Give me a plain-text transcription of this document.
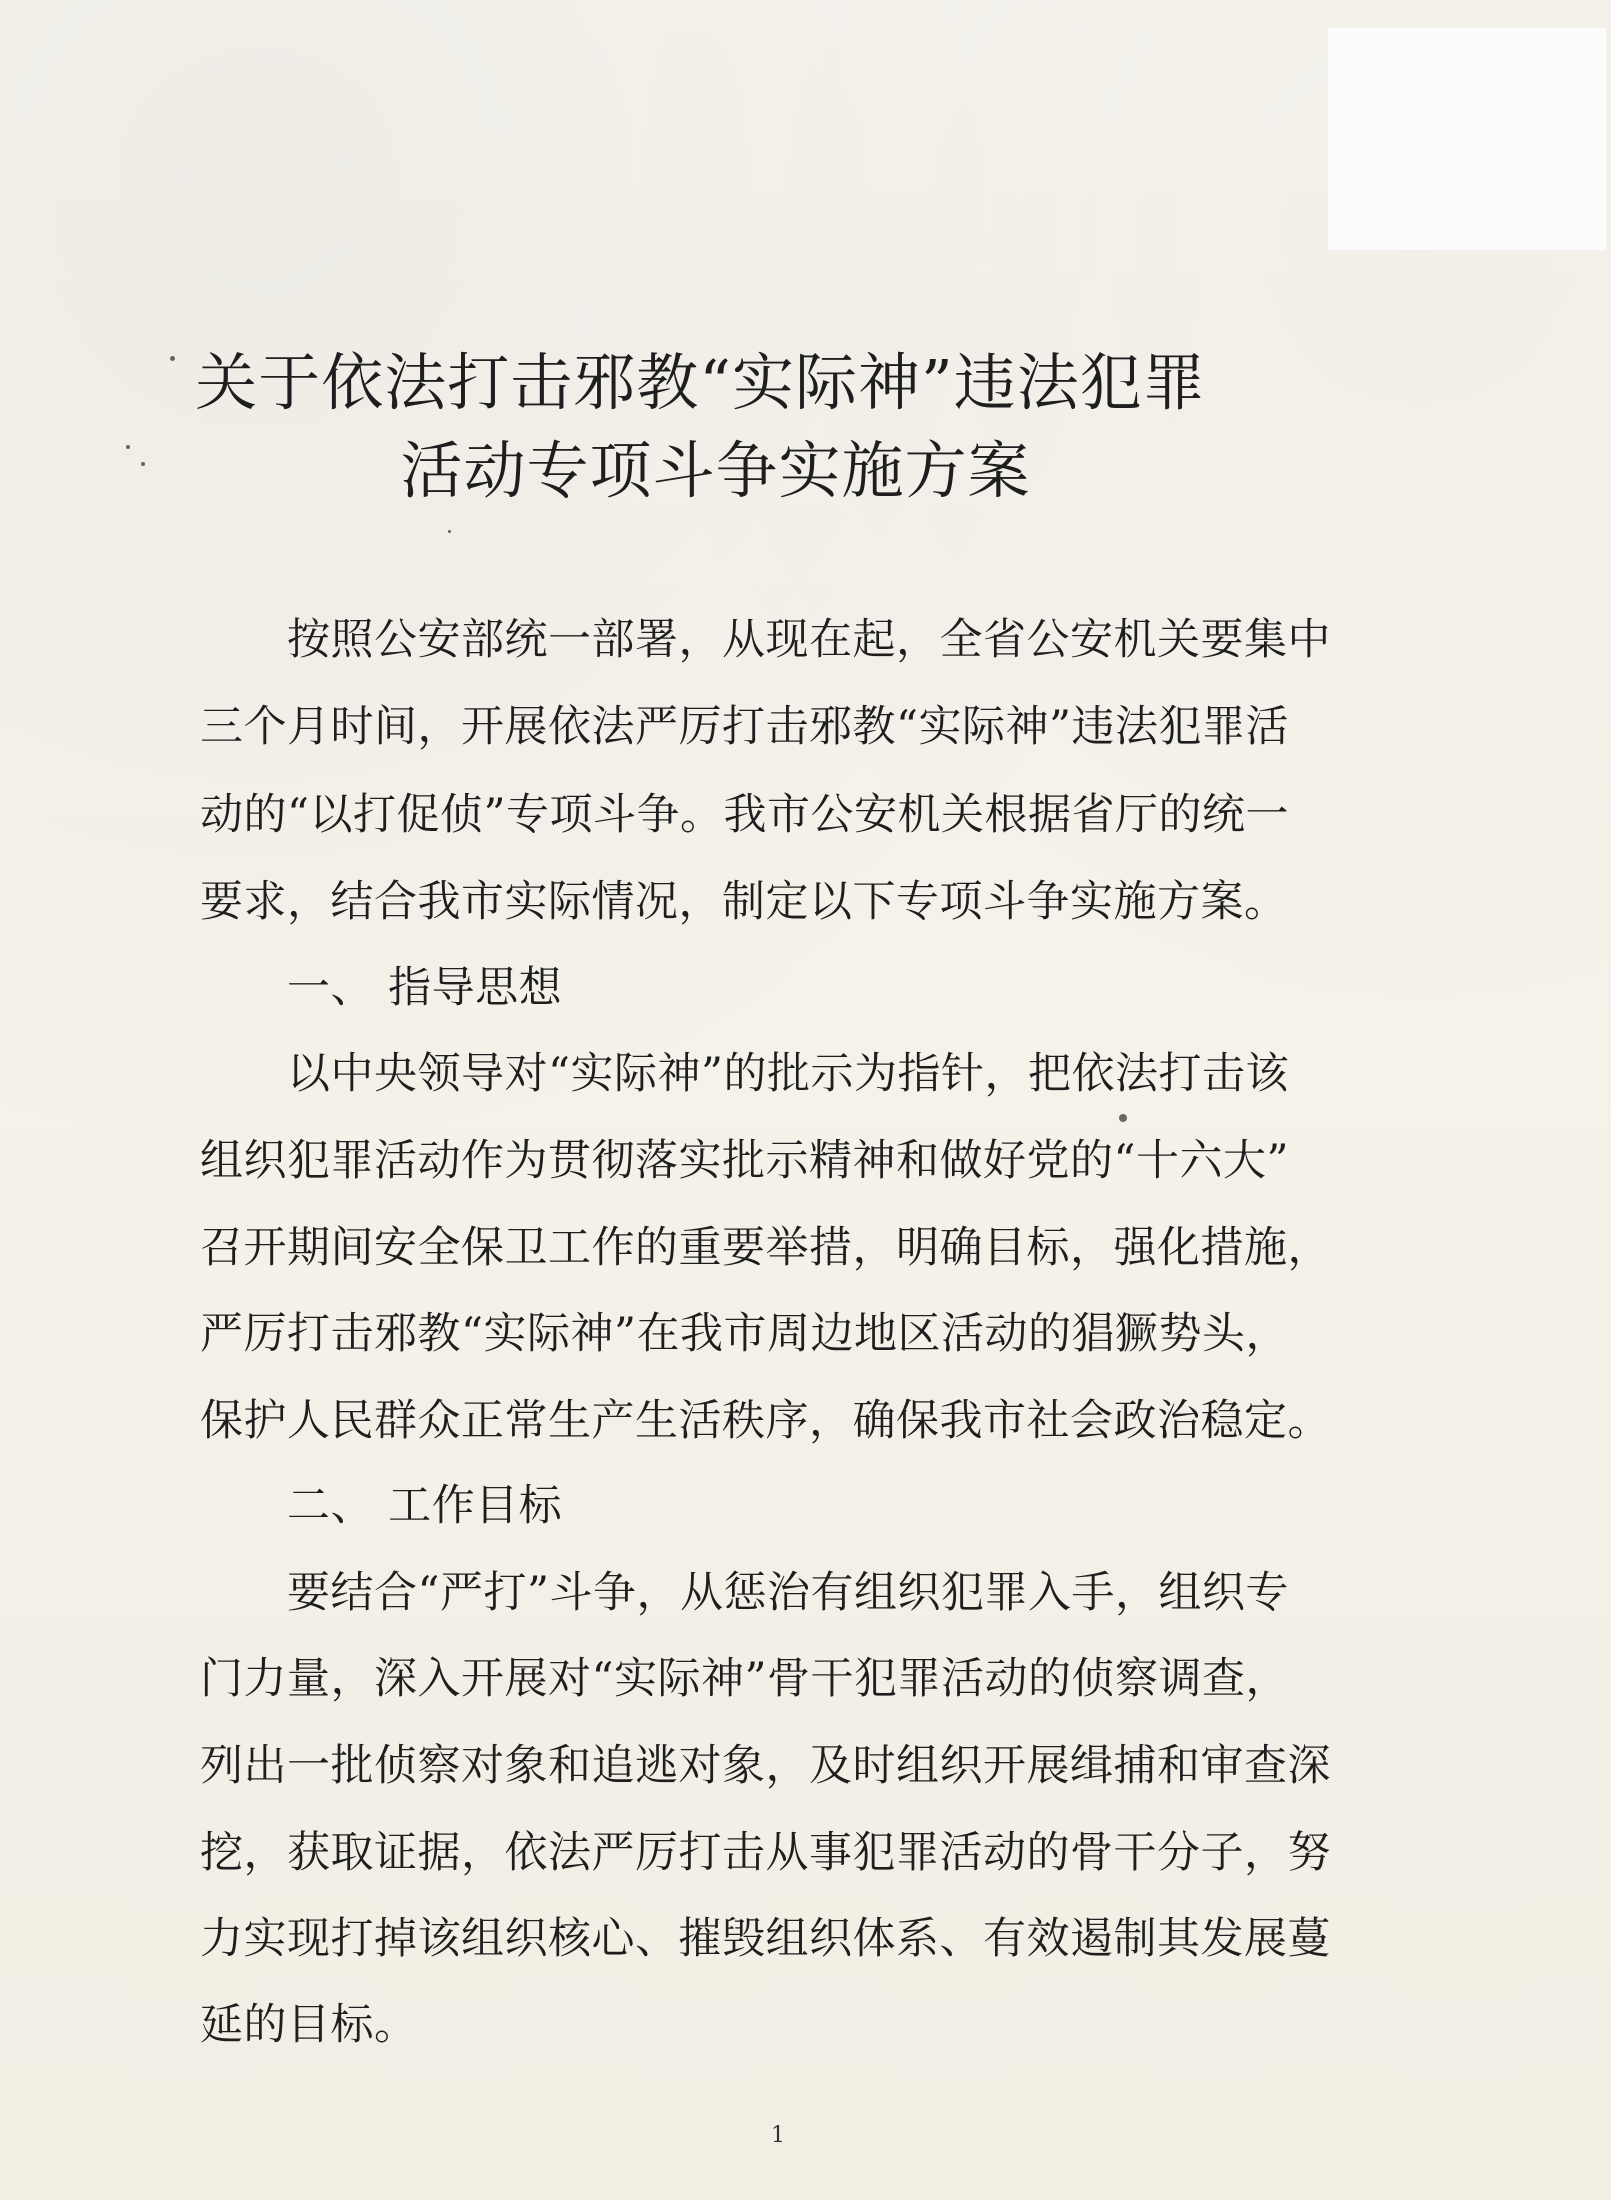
关于依法打击邪教“实际神”违法犯罪
活动专项斗争实施方案
按照公安部统一部署，从现在起，全省公安机关要集中
三个月时间，开展依法严厉打击邪教“实际神”违法犯罪活
动的“以打促侦”专项斗争。我市公安机关根据省厅的统一
要求，结合我市实际情况，制定以下专项斗争实施方案。
一、 指导思想
以中央领导对“实际神”的批示为指针，把依法打击该
组织犯罪活动作为贯彻落实批示精神和做好党的“十六大”
召开期间安全保卫工作的重要举措，明确目标，强化措施，
严厉打击邪教“实际神”在我市周边地区活动的猖獗势头，
保护人民群众正常生产生活秩序，确保我市社会政治稳定。
二、 工作目标
要结合“严打”斗争，从惩治有组织犯罪入手，组织专
门力量，深入开展对“实际神”骨干犯罪活动的侦察调查，
列出一批侦察对象和追逃对象，及时组织开展缉捕和审查深
挖，获取证据，依法严厉打击从事犯罪活动的骨干分子，努
力实现打掉该组织核心、摧毁组织体系、有效遏制其发展蔓
延的目标。
1
